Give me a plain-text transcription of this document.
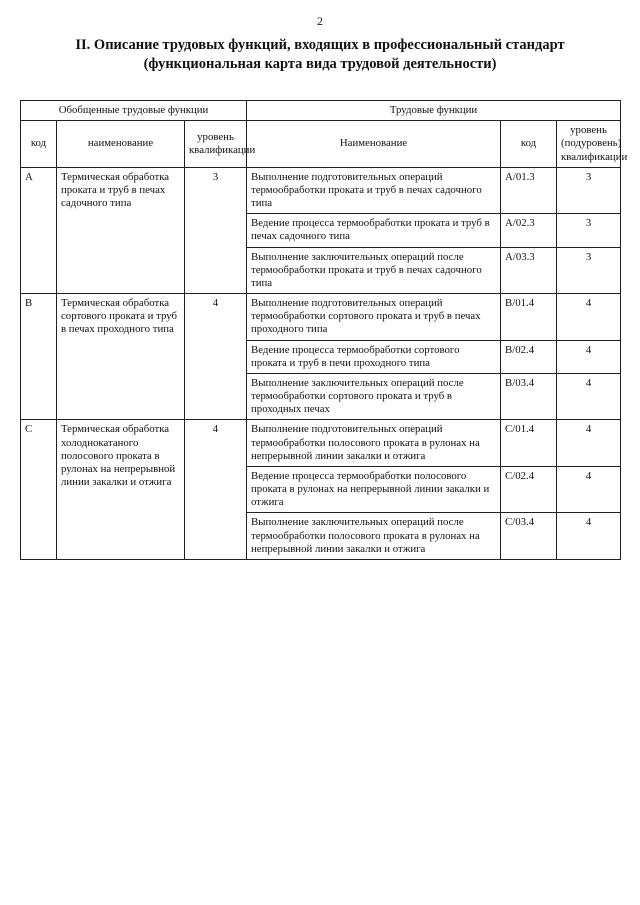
2
II. Описание трудовых функций, входящих в профессиональный стандарт
(функциональная карта вида трудовой деятельности)
Обобщенные трудовые функции			Трудовые функции		
код	наименование	уровень квалификации	Наименование	код	уровень (подуровень) квалификации
A	Термическая обработка проката и труб в печах садочного типа	3	Выполнение подготовительных операций термообработки проката и труб в печах садочного типа	A/01.3	3
			Ведение процесса термообработки проката и труб в печах садочного типа	A/02.3	3
			Выполнение заключительных операций после термообработки проката и труб в печах садочного типа	A/03.3	3
B	Термическая обработка сортового проката и труб в печах проходного типа	4	Выполнение подготовительных операций термообработки сортового проката и труб в печах проходного типа	B/01.4	4
			Ведение процесса термообработки сортового проката и труб в печи проходного типа	B/02.4	4
			Выполнение заключительных операций после термообработки сортового проката и труб в проходных печах	B/03.4	4
C	Термическая обработка холоднокатаного полосового проката в рулонах на непрерывной линии закалки и отжига	4	Выполнение подготовительных операций термообработки полосового проката в рулонах на непрерывной линии закалки и отжига	C/01.4	4
			Ведение процесса термообработки полосового проката в рулонах на непрерывной линии закалки и отжига	C/02.4	4
			Выполнение заключительных операций после термообработки полосового проката в рулонах на непрерывной линии закалки и отжига	C/03.4	4
